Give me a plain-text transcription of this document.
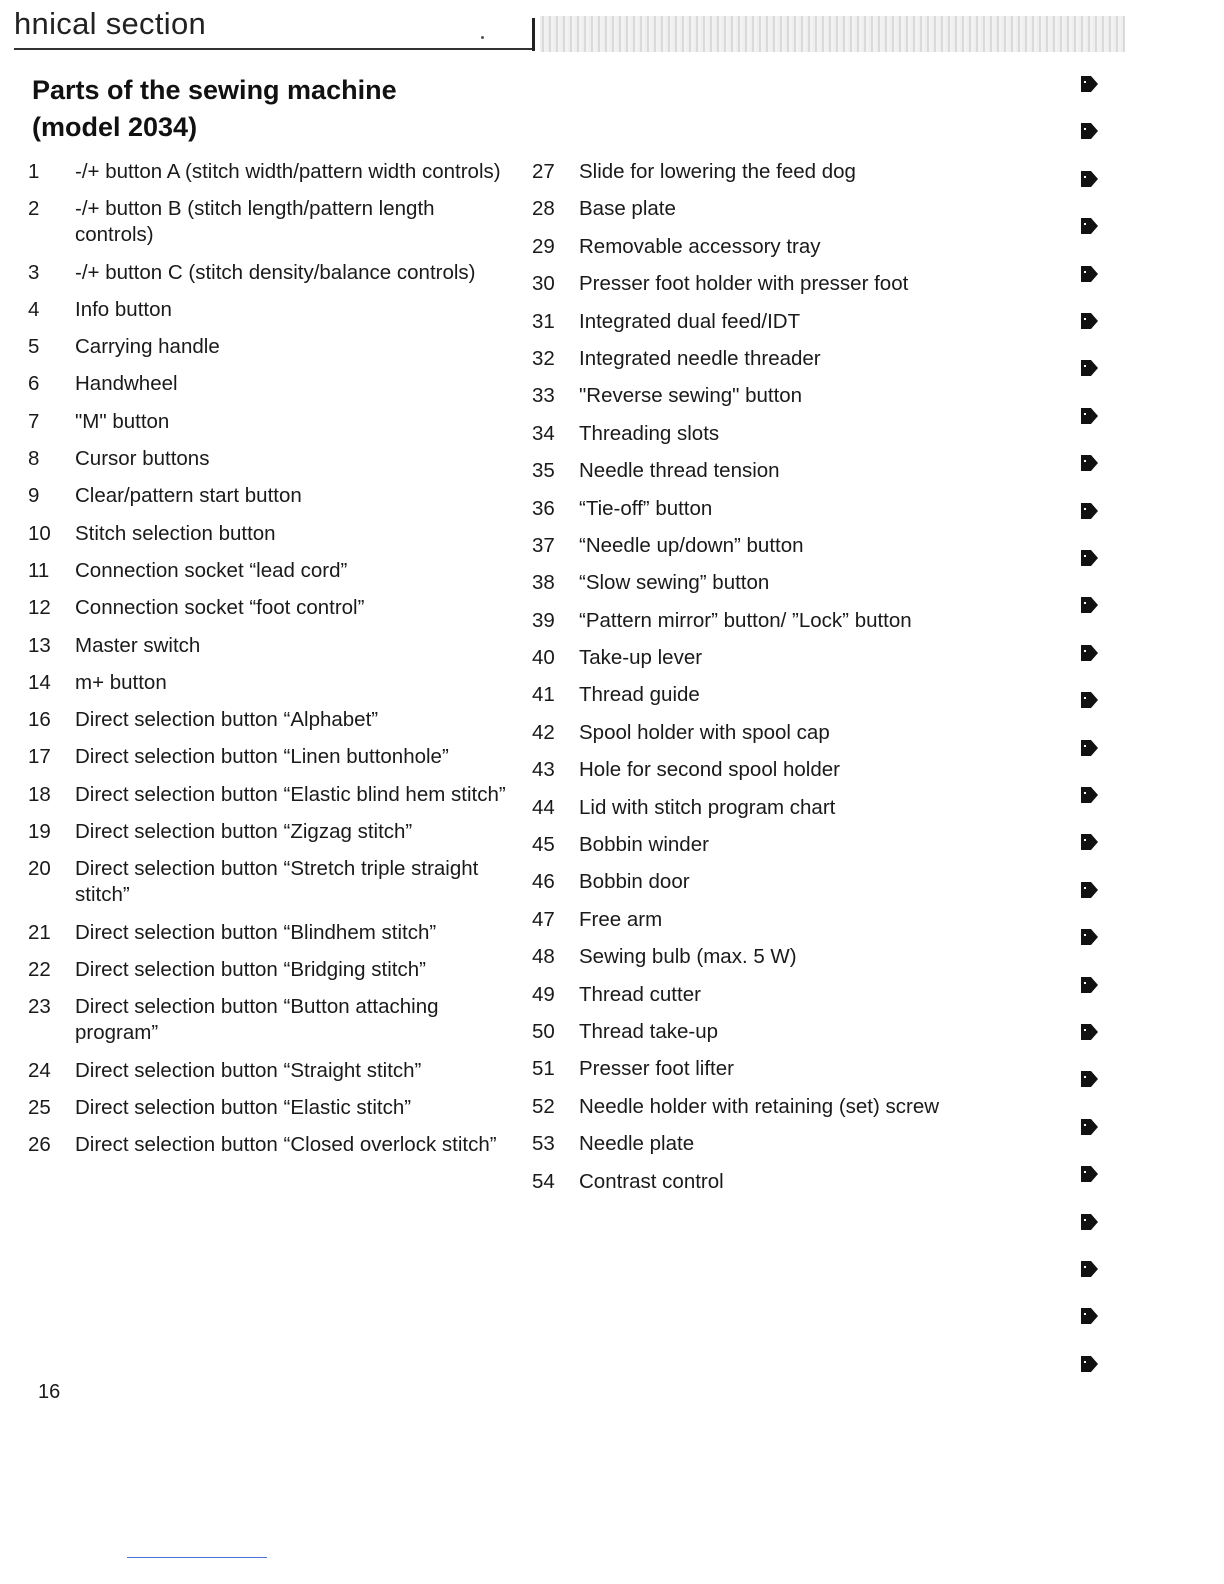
hnical section
Parts of the sewing machine
(model 2034)
1	-/+ button A (stitch width/pattern width controls)
2	-/+ button B (stitch length/pattern length controls)
3	-/+ button C (stitch density/balance controls)
4	Info button
5	Carrying handle
6	Handwheel
7	"M" button
8	Cursor buttons
9	Clear/pattern start button
10	Stitch selection button
11	Connection socket “lead cord”
12	Connection socket “foot control”
13	Master switch
14	m+ button
16	Direct selection button “Alphabet”
17	Direct selection button “Linen buttonhole”
18	Direct selection button “Elastic blind hem stitch”
19	Direct selection button “Zigzag stitch”
20	Direct selection button “Stretch triple straight stitch”
21	Direct selection button “Blindhem stitch”
22	Direct selection button “Bridging stitch”
23	Direct selection button “Button attaching program”
24	Direct selection button “Straight stitch”
25	Direct selection button “Elastic stitch”
26	Direct selection button “Closed overlock stitch”
27	Slide for lowering the feed dog
28	Base plate
29	Removable accessory tray
30	Presser foot holder with presser foot
31	Integrated dual feed/IDT
32	Integrated needle threader
33	"Reverse sewing" button
34	Threading slots
35	Needle thread tension
36	“Tie-off” button
37	“Needle up/down” button
38	“Slow sewing” button
39	“Pattern mirror” button/ ”Lock” button
40	Take-up lever
41	Thread guide
42	Spool holder with spool cap
43	Hole for second spool holder
44	Lid with stitch program chart
45	Bobbin winder
46	Bobbin door
47	Free arm
48	Sewing bulb (max. 5 W)
49	Thread cutter
50	Thread take-up
51	Presser foot lifter
52	Needle holder with retaining (set) screw
53	Needle plate
54	Contrast control
16
